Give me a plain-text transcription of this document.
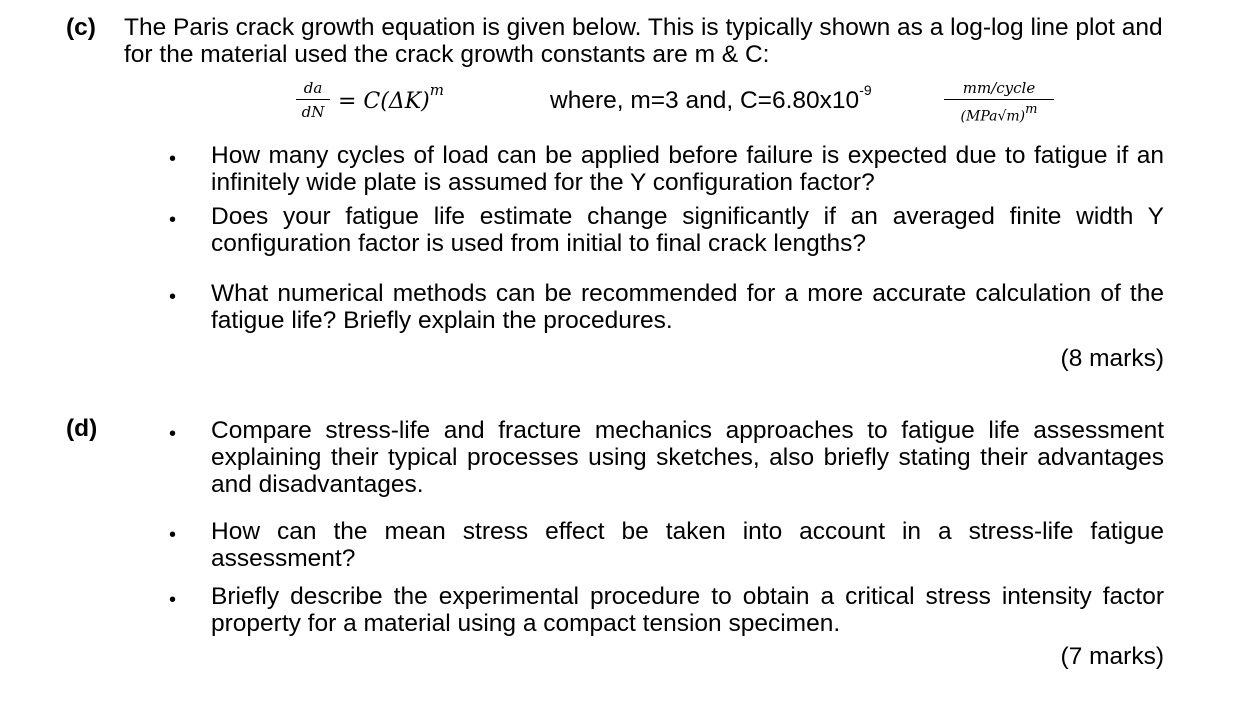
(c) The Paris crack growth equation is given below. This is typically shown as a log-log line plot and for the material used the crack growth constants are m & C:
da
dN = $C(\Delta K)^m$	where, m=3 and, $C=6.80x10^{-9}$	mm/cycle
$(MPa√m)^m$
• How many cycles of load can be applied before failure is expected due to fatigue if an infinitely wide plate is assumed for the Y configuration factor?
• Does your fatigue life estimate change significantly if an averaged finite width Y configuration factor is used from initial to final crack lengths?
• What numerical methods can be recommended for a more accurate calculation of the fatigue life? Briefly explain the procedures.
(8 marks)
(d)	• Compare stress-life and fracture mechanics approaches to fatigue life assessment explaining their typical processes using sketches, also briefly stating their advantages and disadvantages.
• How can the mean stress effect be taken into account in a stress-life fatigue assessment?
• Briefly describe the experimental procedure to obtain a critical stress intensity factor property for a material using a compact tension specimen.
(7 marks)
